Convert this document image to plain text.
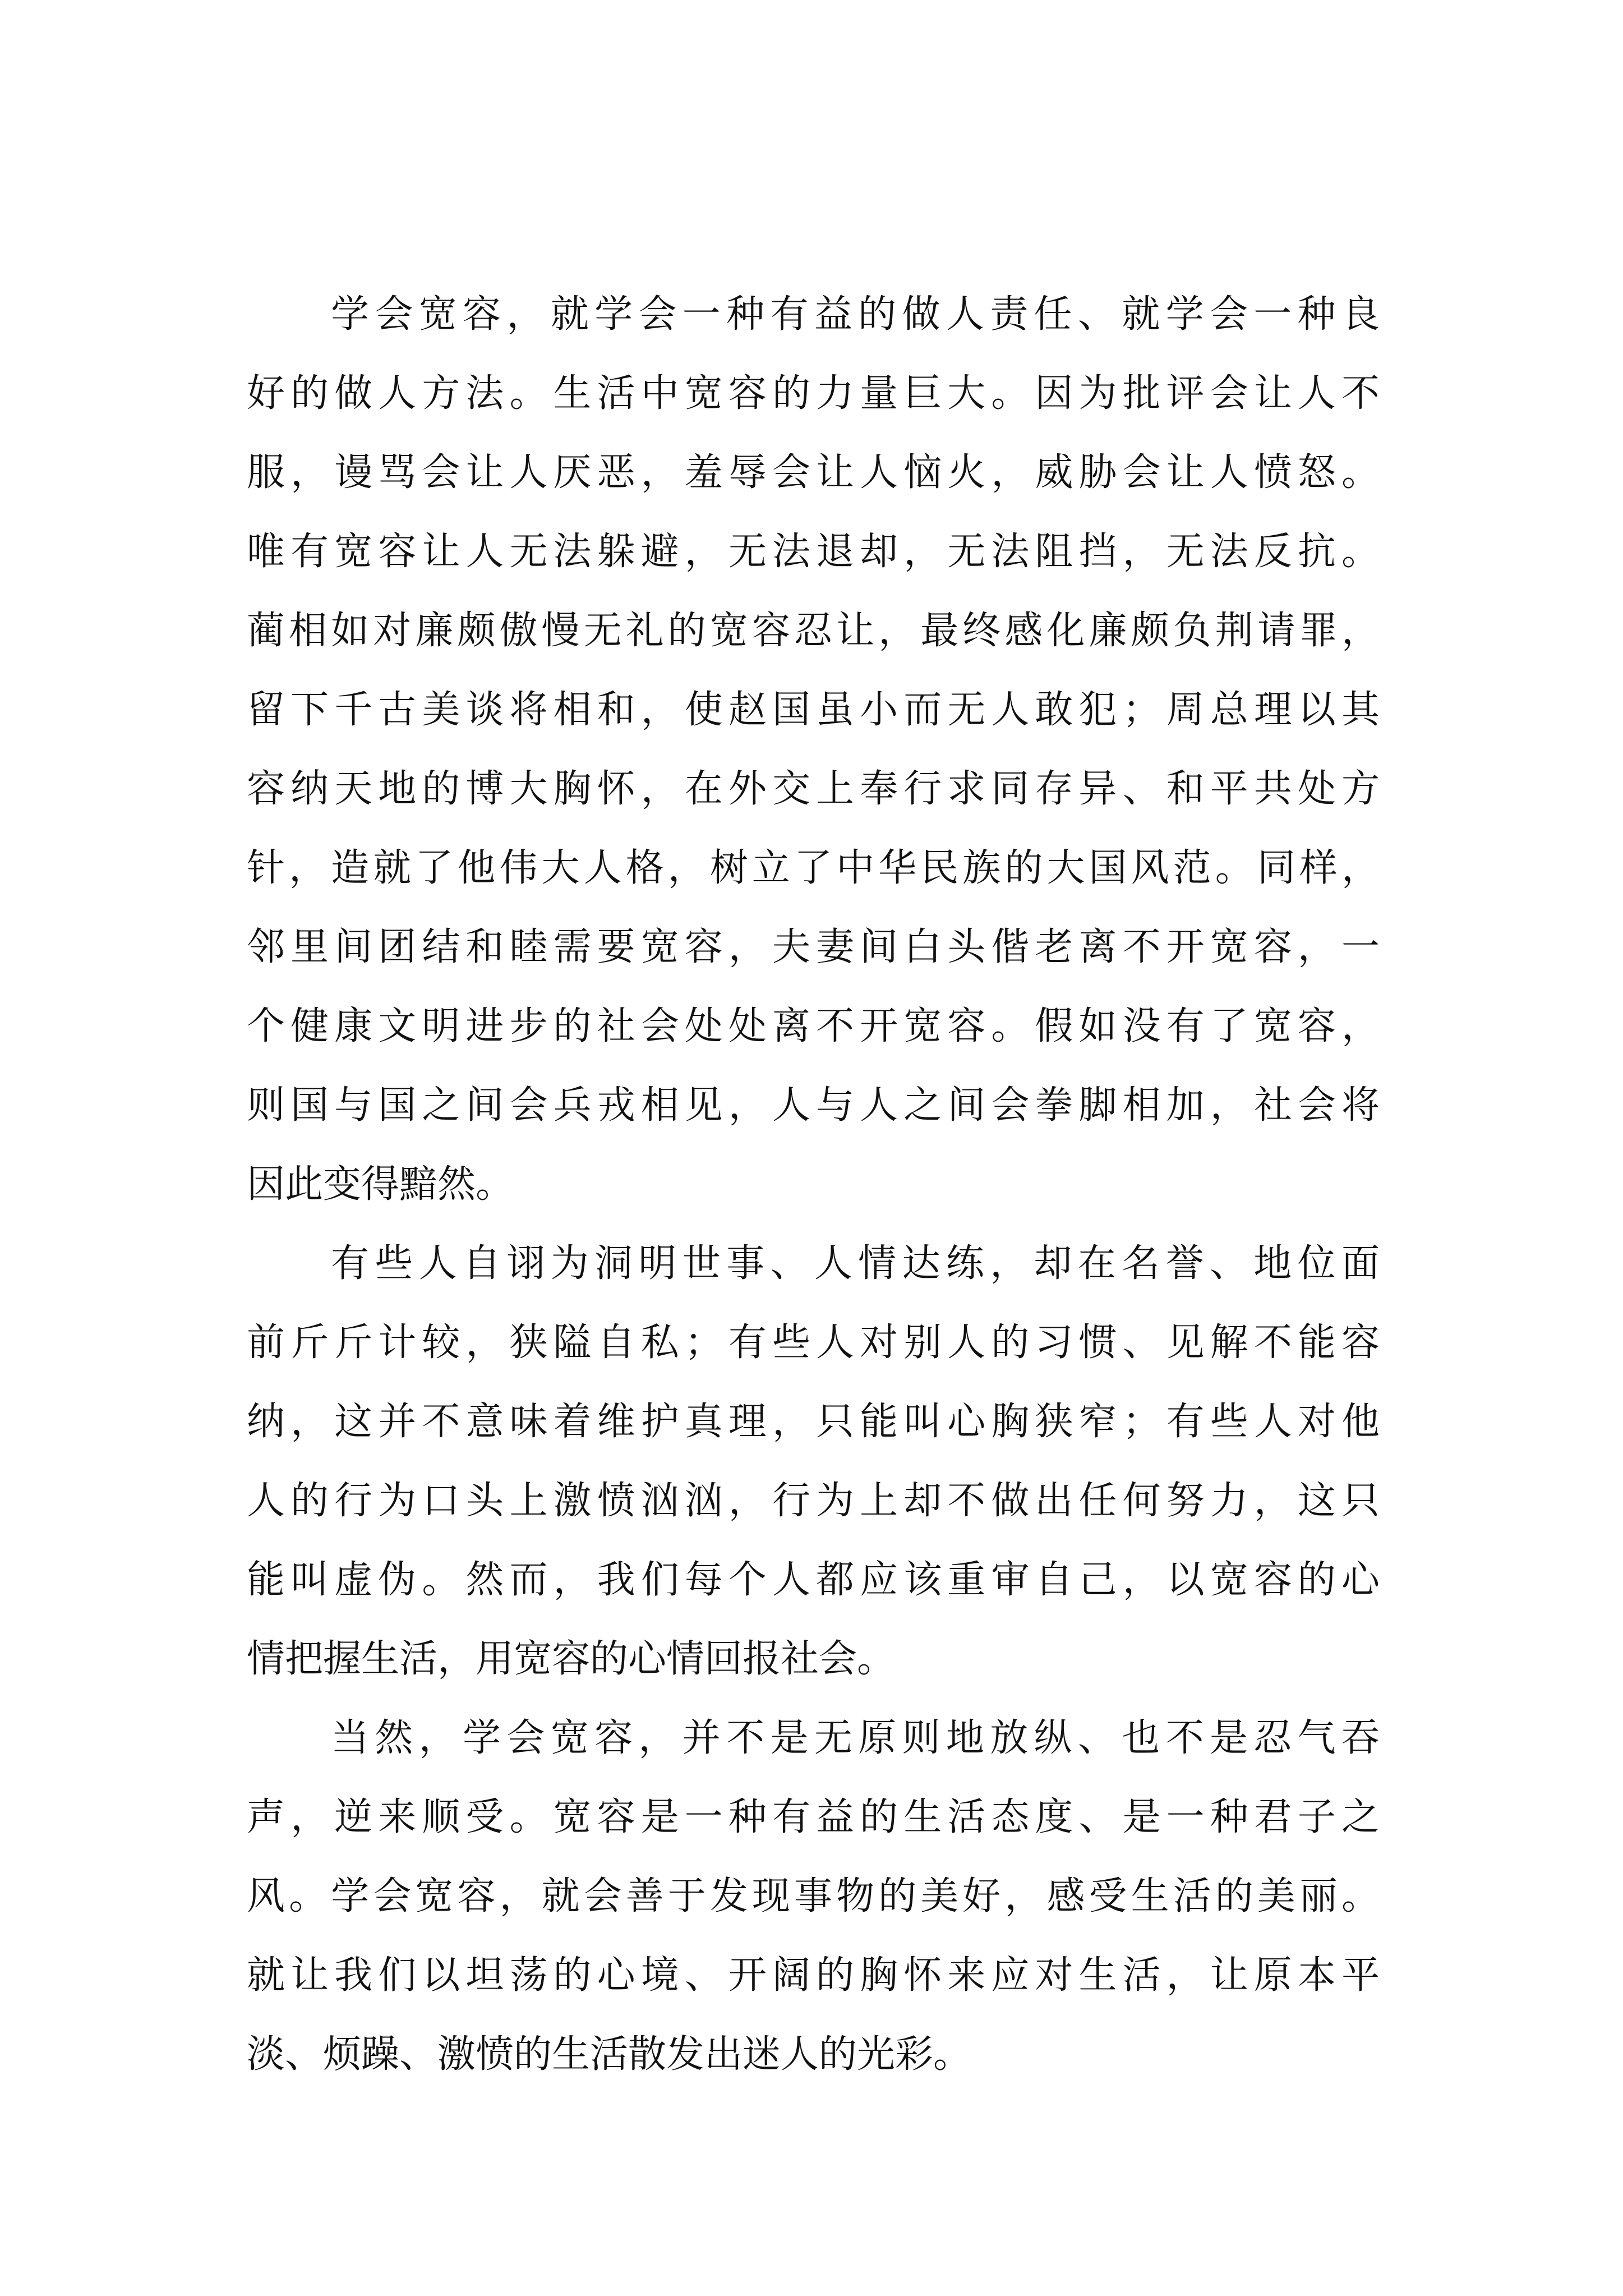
学会宽容，就学会一种有益的做人责任、就学会一种良
好的做人方法。生活中宽容的力量巨大。因为批评会让人不
服，谩骂会让人厌恶，羞辱会让人恼火，威胁会让人愤怒。
唯有宽容让人无法躲避，无法退却，无法阻挡，无法反抗。
蔺相如对廉颇傲慢无礼的宽容忍让，最终感化廉颇负荆请罪，
留下千古美谈将相和，使赵国虽小而无人敢犯；周总理以其
容纳天地的博大胸怀，在外交上奉行求同存异、和平共处方
针，造就了他伟大人格，树立了中华民族的大国风范。同样，
邻里间团结和睦需要宽容，夫妻间白头偕老离不开宽容，一
个健康文明进步的社会处处离不开宽容。假如没有了宽容，
则国与国之间会兵戎相见，人与人之间会拳脚相加，社会将
因此变得黯然。
有些人自诩为洞明世事、人情达练，却在名誉、地位面
前斤斤计较，狭隘自私；有些人对别人的习惯、见解不能容
纳，这并不意味着维护真理，只能叫心胸狭窄；有些人对他
人的行为口头上激愤汹汹，行为上却不做出任何努力，这只
能叫虚伪。然而，我们每个人都应该重审自己，以宽容的心
情把握生活，用宽容的心情回报社会。
当然，学会宽容，并不是无原则地放纵、也不是忍气吞
声，逆来顺受。宽容是一种有益的生活态度、是一种君子之
风。学会宽容，就会善于发现事物的美好，感受生活的美丽。
就让我们以坦荡的心境、开阔的胸怀来应对生活，让原本平
淡、烦躁、激愤的生活散发出迷人的光彩。
